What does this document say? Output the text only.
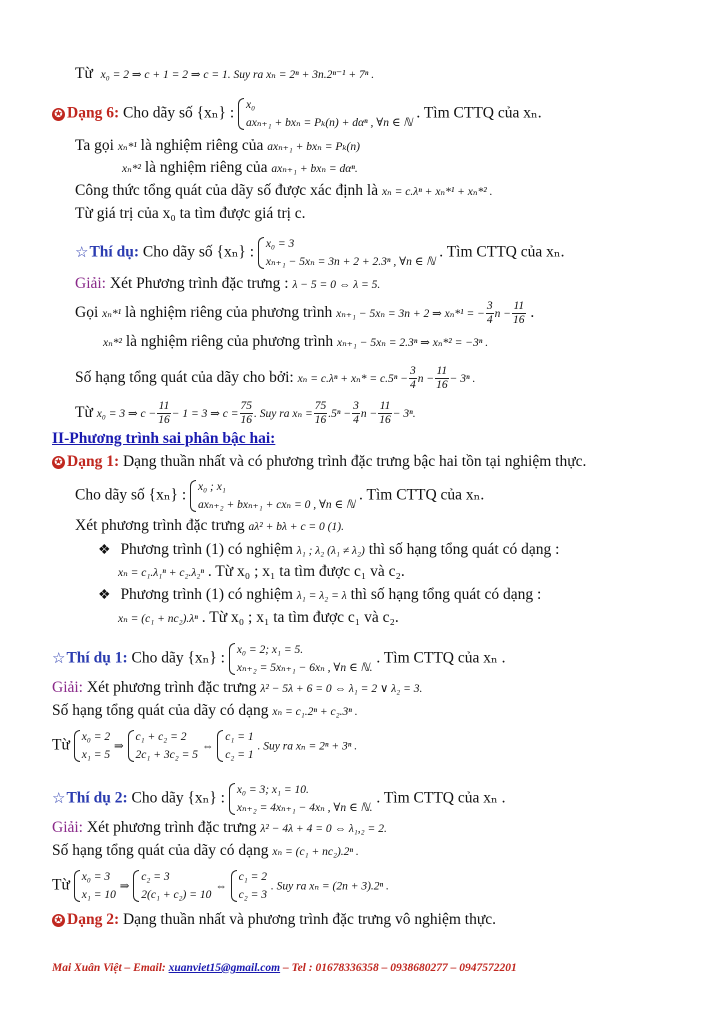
Từ x₀ = 2 ⇒ c + 1 = 2 ⇒ c = 1. Suy ra xₙ = 2ⁿ + 3n.2ⁿ⁻¹ + 7ⁿ .
✪ Dạng 6: Cho dãy số {xₙ} : x₀
axₙ₊₁ + bxₙ = Pₖ(n) + dαⁿ , ∀n ∈ ℕ
. Tìm CTTQ của xₙ.
Ta gọi xₙ*¹ là nghiệm riêng của axₙ₊₁ + bxₙ = Pₖ(n)
xₙ*² là nghiệm riêng của axₙ₊₁ + bxₙ = dαⁿ.
Công thức tổng quát của dãy số được xác định là xₙ = c.λⁿ + xₙ*¹ + xₙ*² .
Từ giá trị của x₀ ta tìm được giá trị c.
☆Thí dụ: Cho dãy số {xₙ} : x₀ = 3
xₙ₊₁ − 5xₙ = 3n + 2 + 2.3ⁿ , ∀n ∈ ℕ
. Tìm CTTQ của xₙ.
Giải: Xét Phương trình đặc trưng : λ − 5 = 0 ⇔ λ = 5.
Gọi xₙ*¹ là nghiệm riêng của phương trình xₙ₊₁ − 5xₙ = 3n + 2 ⇒ xₙ*¹ = − $\frac{3}{4}$ $n - \frac{11}{16}$ .
xₙ*² là nghiệm riêng của phương trình xₙ₊₁ − 5xₙ = 2.3ⁿ ⇒ xₙ*² = −3ⁿ .
Số hạng tổng quát của dãy cho bởi: $x_n = c.\lambda^n + x_n* = c.5^n - \frac{3}{4}$ $n - \frac{11}{16} - 3^n$ .
Từ x₀ = 3 ⇒ $c - \frac{11}{16} - 1 = 3$ ⇒ $c = \frac{75}{16}$ . Suy ra $x_n = \frac{75}{16} .5^n - \frac{3}{4}$ $n - \frac{11}{16} - 3^n$.
II-Phương trình sai phân bậc hai:
✪ Dạng 1: Dạng thuần nhất và có phương trình đặc trưng bậc hai tồn tại nghiệm thực.
Cho dãy số {xₙ} : x₀ ; x₁
axₙ₊₂ + bxₙ₊₁ + cxₙ = 0 , ∀n ∈ ℕ
. Tìm CTTQ của xₙ.
Xét phương trình đặc trưng aλ² + bλ + c = 0 (1).
❖ Phương trình (1) có nghiệm λ₁ ; λ₂ (λ₁ ≠ λ₂) thì số hạng tổng quát có dạng :
xₙ = c₁.λ₁ⁿ + c₂.λ₂ⁿ . Từ x₀ ; x₁ ta tìm được c₁ và c₂.
❖ Phương trình (1) có nghiệm λ₁ = λ₂ = λ thì số hạng tổng quát có dạng :
xₙ = (c₁ + nc₂).λⁿ . Từ x₀ ; x₁ ta tìm được c₁ và c₂.
☆Thí dụ 1: Cho dãy {xₙ} : x₀ = 2; x₁ = 5.
xₙ₊₂ = 5xₙ₊₁ − 6xₙ , ∀n ∈ ℕ.
. Tìm CTTQ của xₙ .
Giải: Xét phương trình đặc trưng λ² − 5λ + 6 = 0 ⇔ λ₁ = 2 ∨ λ₂ = 3.
Số hạng tổng quát của dãy có dạng xₙ = c₁.2ⁿ + c₂.3ⁿ .
Từ x₀ = 2
x₁ = 5
⇒
c₁ + c₂ = 2
2c₁ + 3c₂ = 5
⇔
c₁ = 1
c₂ = 1
. Suy ra xₙ = 2ⁿ + 3ⁿ .
☆Thí dụ 2: Cho dãy {xₙ} : x₀ = 3; x₁ = 10.
xₙ₊₂ = 4xₙ₊₁ − 4xₙ , ∀n ∈ ℕ.
. Tìm CTTQ của xₙ .
Giải: Xét phương trình đặc trưng λ² − 4λ + 4 = 0 ⇔ λ₁,₂ = 2.
Số hạng tổng quát của dãy có dạng xₙ = (c₁ + nc₂).2ⁿ .
Từ x₀ = 3
x₁ = 10
⇒
c₂ = 3
2(c₁ + c₂) = 10
⇔
c₁ = 2
c₂ = 3
. Suy ra xₙ = (2n + 3).2ⁿ .
✪ Dạng 2: Dạng thuần nhất và phương trình đặc trưng vô nghiệm thực.
Mai Xuân Việt – Email: xuanviet15@gmail.com – Tel : 01678336358 – 0938680277 – 0947572201
